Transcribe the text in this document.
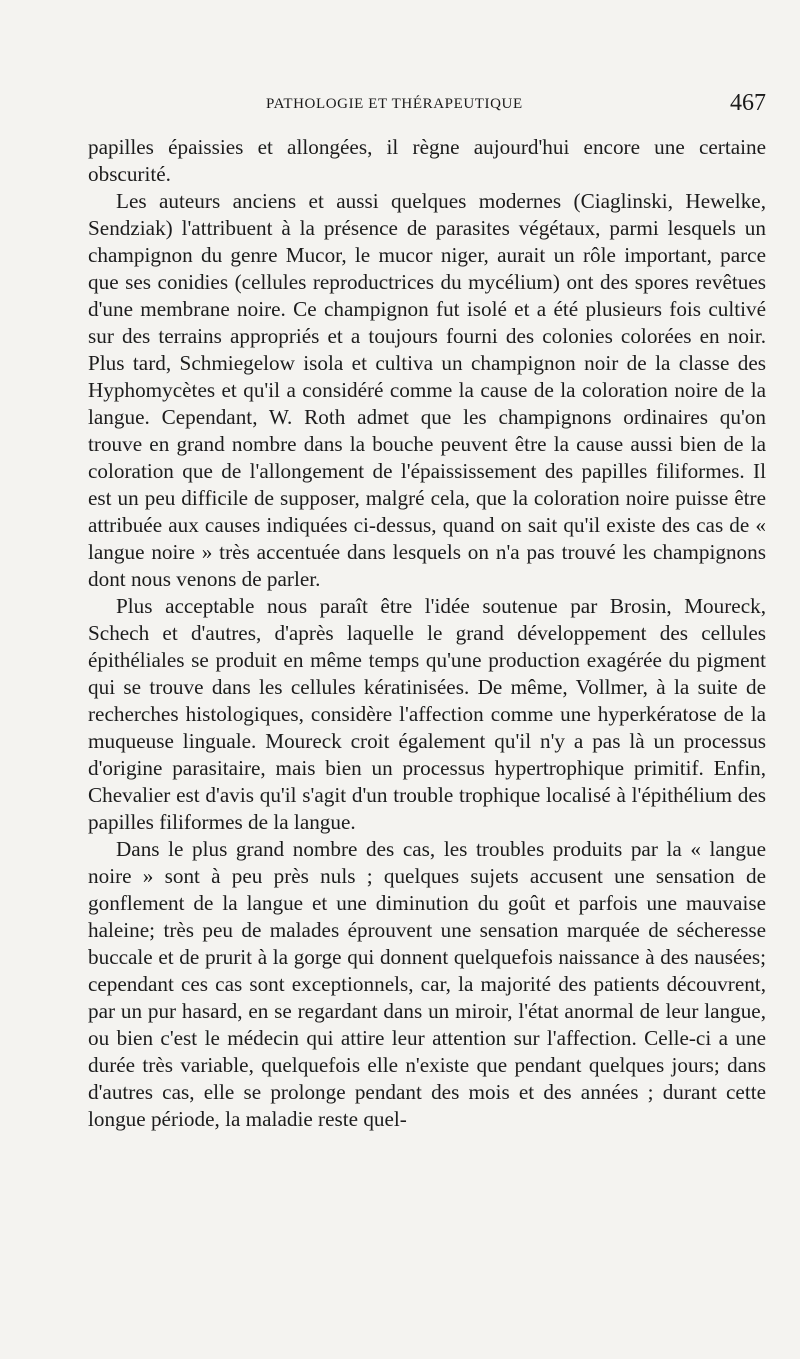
PATHOLOGIE ET THÉRAPEUTIQUE	467

papilles épaissies et allongées, il règne aujourd'hui encore une certaine obscurité.

Les auteurs anciens et aussi quelques modernes (Ciaglinski, Hewelke, Sendziak) l'attribuent à la présence de parasites végétaux, parmi lesquels un champignon du genre Mucor, le mucor niger, aurait un rôle important, parce que ses conidies (cellules reproductrices du mycélium) ont des spores revêtues d'une membrane noire. Ce champignon fut isolé et a été plusieurs fois cultivé sur des terrains appropriés et a toujours fourni des colonies colorées en noir. Plus tard, Schmiegelow isola et cultiva un champignon noir de la classe des Hyphomycètes et qu'il a considéré comme la cause de la coloration noire de la langue. Cependant, W. Roth admet que les champignons ordinaires qu'on trouve en grand nombre dans la bouche peuvent être la cause aussi bien de la coloration que de l'allongement de l'épaississement des papilles filiformes. Il est un peu difficile de supposer, malgré cela, que la coloration noire puisse être attribuée aux causes indiquées ci-dessus, quand on sait qu'il existe des cas de « langue noire » très accentuée dans lesquels on n'a pas trouvé les champignons dont nous venons de parler.

Plus acceptable nous paraît être l'idée soutenue par Brosin, Moureck, Schech et d'autres, d'après laquelle le grand développement des cellules épithéliales se produit en même temps qu'une production exagérée du pigment qui se trouve dans les cellules kératinisées. De même, Vollmer, à la suite de recherches histologiques, considère l'affection comme une hyperkératose de la muqueuse linguale. Moureck croit également qu'il n'y a pas là un processus d'origine parasitaire, mais bien un processus hypertrophique primitif. Enfin, Chevalier est d'avis qu'il s'agit d'un trouble trophique localisé à l'épithélium des papilles filiformes de la langue.

Dans le plus grand nombre des cas, les troubles produits par la « langue noire » sont à peu près nuls ; quelques sujets accusent une sensation de gonflement de la langue et une diminution du goût et parfois une mauvaise haleine; très peu de malades éprouvent une sensation marquée de sécheresse buccale et de prurit à la gorge qui donnent quelquefois naissance à des nausées; cependant ces cas sont exceptionnels, car, la majorité des patients découvrent, par un pur hasard, en se regardant dans un miroir, l'état anormal de leur langue, ou bien c'est le médecin qui attire leur attention sur l'affection. Celle-ci a une durée très variable, quelquefois elle n'existe que pendant quelques jours; dans d'autres cas, elle se prolonge pendant des mois et des années ; durant cette longue période, la maladie reste quel-
